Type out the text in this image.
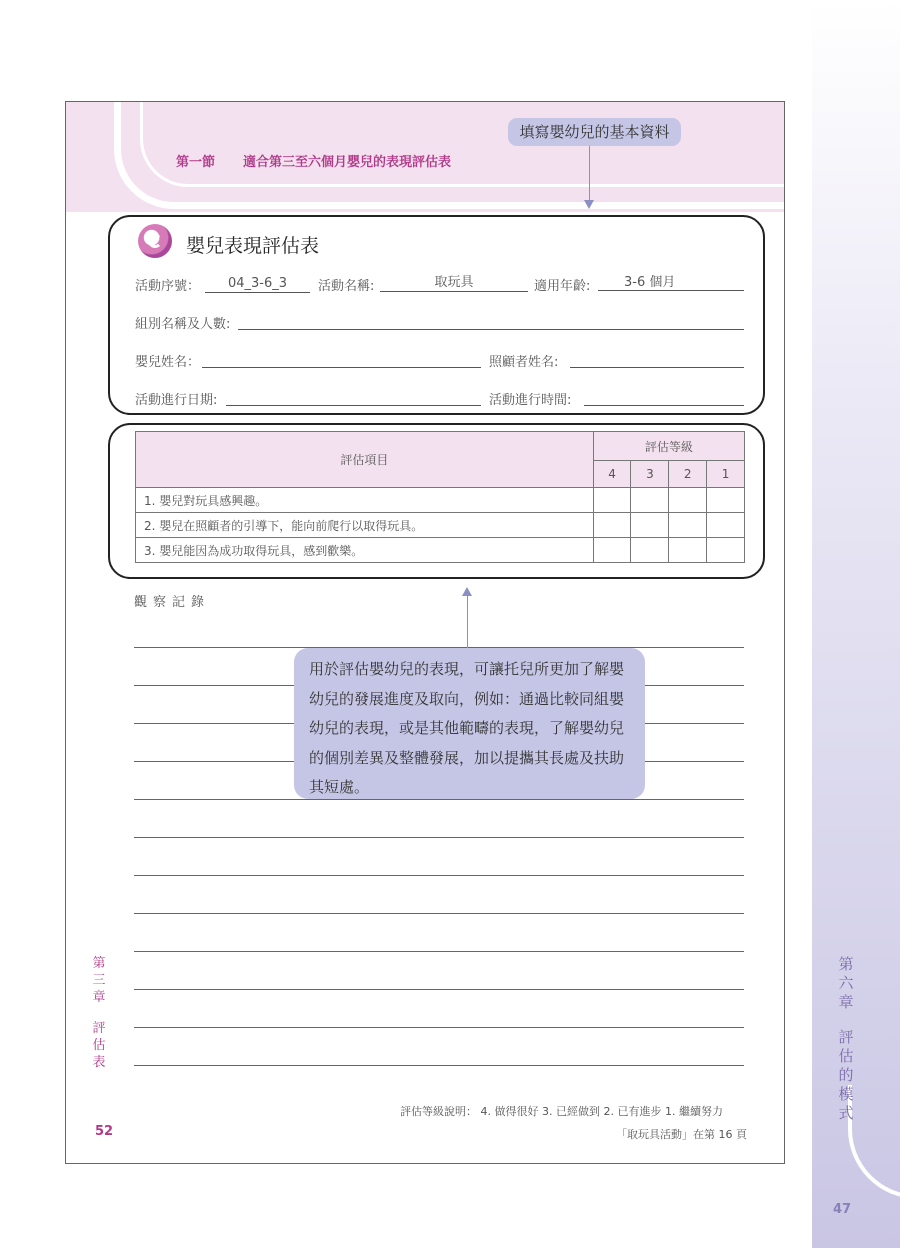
第
六
章
評
估
的
模
式
47
第一節 適合第三至六個月嬰兒的表現評估表
填寫嬰幼兒的基本資料
嬰兒表現評估表
活動序號：	04_3-6_3	活動名稱:	取玩具	適用年齡:	3-6 個月
組別名稱及人數:
嬰兒姓名：	照顧者姓名:
活動進行日期:	活動進行時間:
評估項目	評估等級			
	4	3	2	1
1. 嬰兒對玩具感興趣。				
2. 嬰兒在照顧者的引導下，能向前爬行以取得玩具。				
3. 嬰兒能因為成功取得玩具，感到歡樂。				
觀察記錄
用於評估嬰幼兒的表現，可讓托兒所更加了解嬰幼兒的發展進度及取向，例如：通過比較同組嬰幼兒的表現，或是其他範疇的表現，了解嬰幼兒的個別差異及整體發展，加以提攜其長處及扶助其短處。
第
三
章
評
估
表
52
評估等級說明： 4. 做得很好 3. 已經做到 2. 已有進步 1. 繼續努力
「取玩具活動」在第 16 頁
